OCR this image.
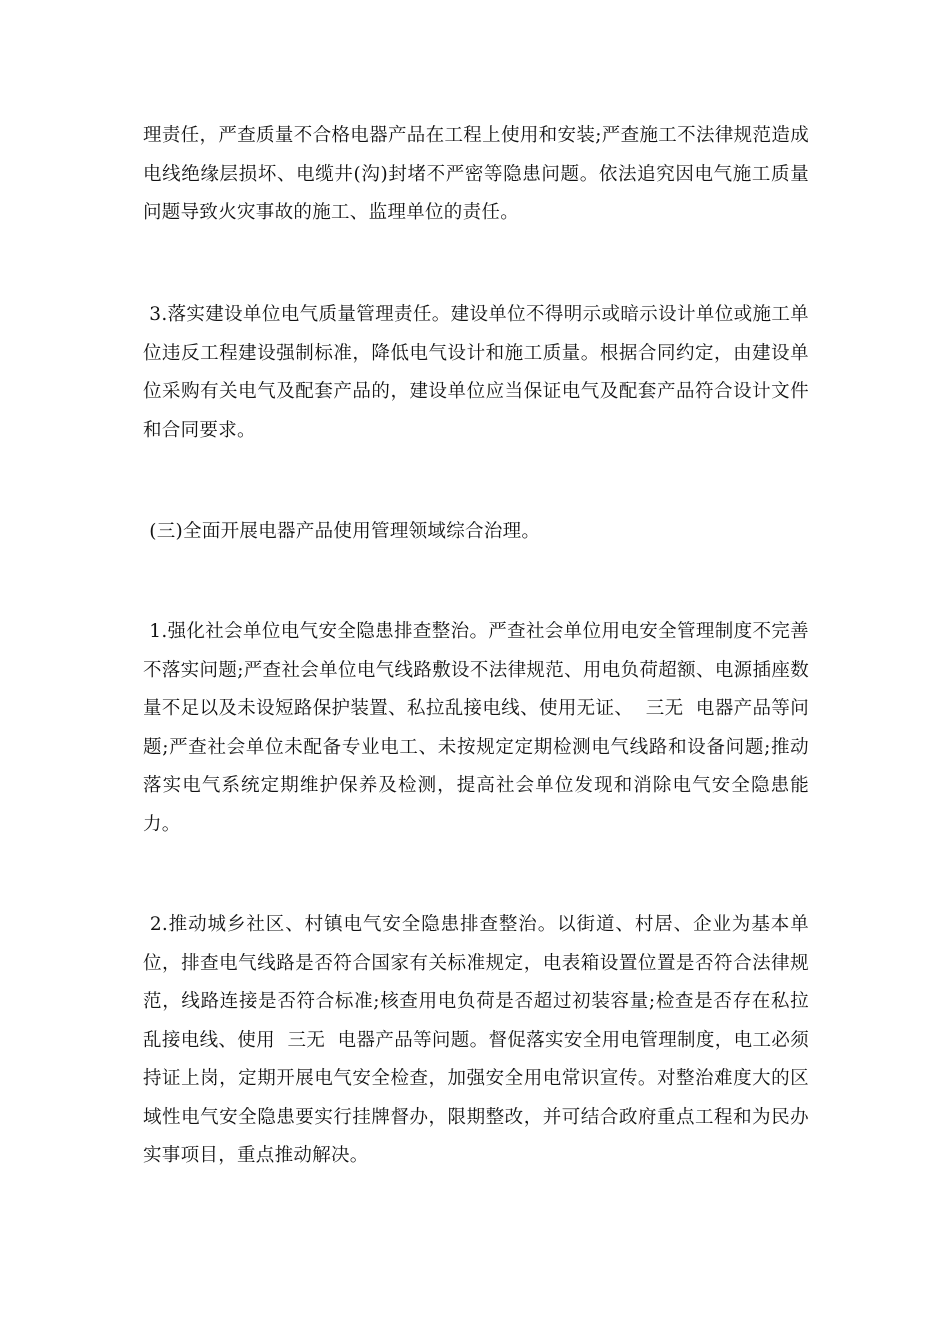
理责任，严查质量不合格电器产品在工程上使用和安装;严查施工不法律规范造成电线绝缘层损坏、电缆井(沟)封堵不严密等隐患问题。依法追究因电气施工质量问题导致火灾事故的施工、监理单位的责任。

3.落实建设单位电气质量管理责任。建设单位不得明示或暗示设计单位或施工单位违反工程建设强制标准，降低电气设计和施工质量。根据合同约定，由建设单位采购有关电气及配套产品的，建设单位应当保证电气及配套产品符合设计文件和合同要求。

(三)全面开展电器产品使用管理领域综合治理。

1.强化社会单位电气安全隐患排查整治。严查社会单位用电安全管理制度不完善不落实问题;严查社会单位电气线路敷设不法律规范、用电负荷超额、电源插座数量不足以及未设短路保护装置、私拉乱接电线、使用无证、  三无  电器产品等问题;严查社会单位未配备专业电工、未按规定定期检测电气线路和设备问题;推动落实电气系统定期维护保养及检测，提高社会单位发现和消除电气安全隐患能力。

2.推动城乡社区、村镇电气安全隐患排查整治。以街道、村居、企业为基本单位，排查电气线路是否符合国家有关标准规定，电表箱设置位置是否符合法律规范，线路连接是否符合标准;核查用电负荷是否超过初装容量;检查是否存在私拉乱接电线、使用  三无  电器产品等问题。督促落实安全用电管理制度，电工必须持证上岗，定期开展电气安全检查，加强安全用电常识宣传。对整治难度大的区域性电气安全隐患要实行挂牌督办，限期整改，并可结合政府重点工程和为民办实事项目，重点推动解决。
